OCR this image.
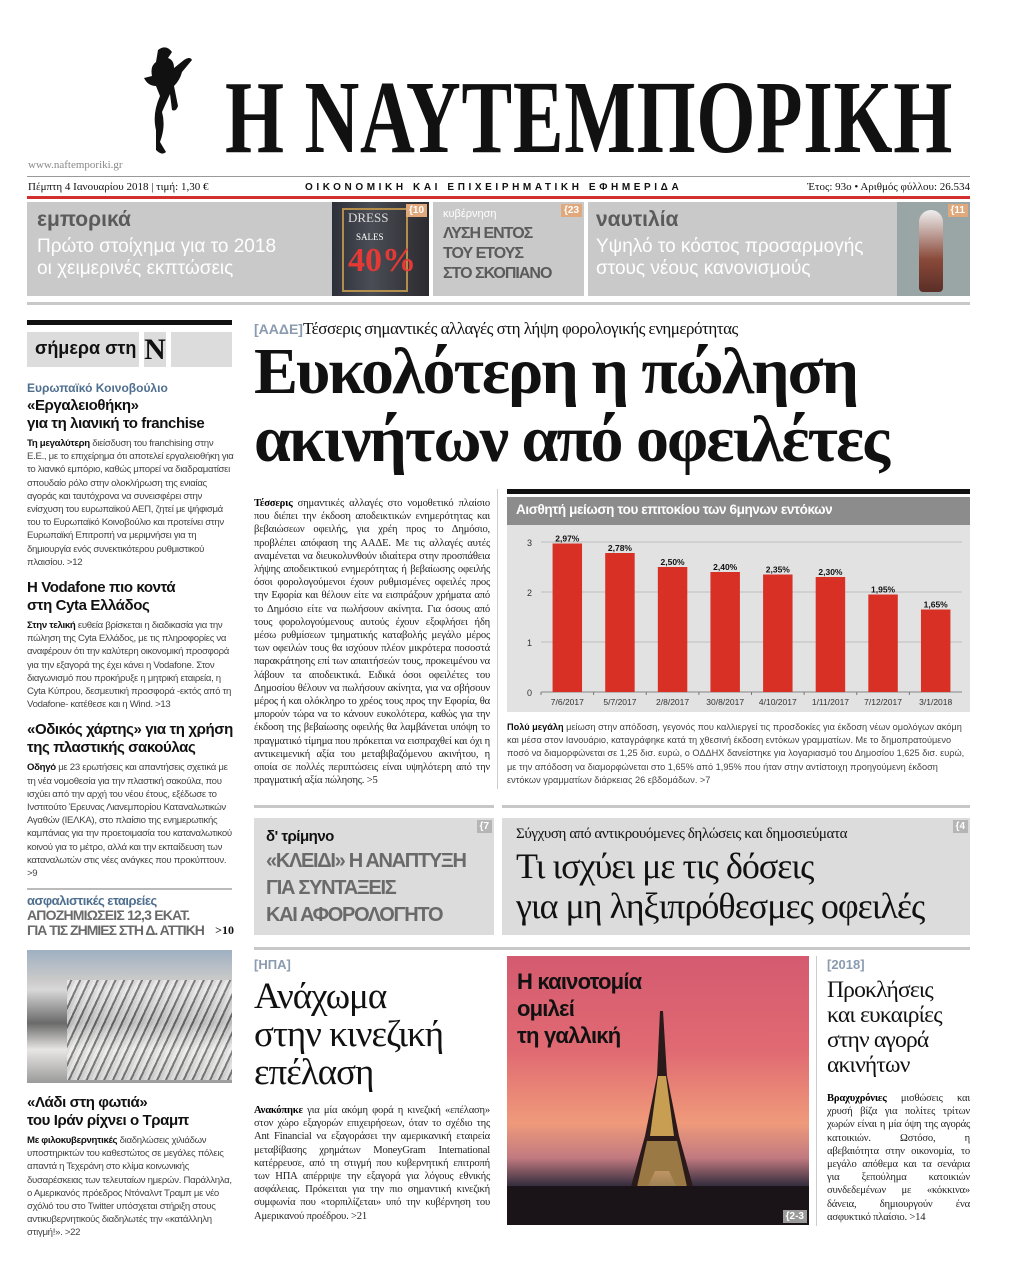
Η ΝΑΥΤΕΜΠΟΡΙΚΗ
www.naftemporiki.gr
Πέμπτη 4 Ιανουαρίου 2018 | τιμή: 1,30 €	ΟΙΚΟΝΟΜΙΚΗ ΚΑΙ ΕΠΙΧΕΙΡΗΜΑΤΙΚΗ ΕΦΗΜΕΡΙΔΑ	Έτος: 93ο • Αριθμός φύλλου: 26.534
εμπορικά
Πρώτο στοίχημα για το 2018
οι χειμερινές εκπτώσεις
DRESS
SALES
40%
{10 κυβέρνηση
ΛΥΣΗ ΕΝΤΟΣ
ΤΟΥ ΕΤΟΥΣ
ΣΤΟ ΣΚΟΠΙΑΝΟ
{23 ναυτιλία
Υψηλό το κόστος προσαρμογής
στους νέους κανονισμούς
{11
σήμερα στη N
Ευρωπαϊκό Κοινοβούλιο
«Εργαλειοθήκη»
για τη λιανική το franchise

Τη μεγαλύτερη διείσδυση του franchising στην Ε.Ε., με το επιχείρημα ότι αποτελεί εργαλειοθήκη για το λιανικό εμπόριο, καθώς μπορεί να διαδραματίσει σπουδαίο ρόλο στην ολοκλήρωση της ενιαίας αγοράς και ταυτόχρονα να συνεισφέρει στην ενίσχυση του ευρωπαϊκού ΑΕΠ, ζητεί με ψήφισμά του το Ευρωπαϊκό Κοινοβούλιο και προτείνει στην Ευρωπαϊκή Επιτροπή να μεριμνήσει για τη δημιουργία ενός συνεκτικότερου ρυθμιστικού πλαισίου. >12

Η Vodafone πιο κοντά
στη Cyta Ελλάδος

Στην τελική ευθεία βρίσκεται η διαδικασία για την πώληση της Cyta Ελλάδος, με τις πληροφορίες να αναφέρουν ότι την καλύτερη οικονομική προσφορά για την εξαγορά της έχει κάνει η Vodafone. Στον διαγωνισμό που προκήρυξε η μητρική εταιρεία, η Cyta Κύπρου, δεσμευτική προσφορά -εκτός από τη Vodafone- κατέθεσε και η Wind. >13

«Οδικός χάρτης» για τη χρήση
της πλαστικής σακούλας

Οδηγό με 23 ερωτήσεις και απαντήσεις σχετικά με τη νέα νομοθεσία για την πλαστική σακούλα, που ισχύει από την αρχή του νέου έτους, εξέδωσε το Ινστιτούτο Έρευνας Λιανεμπορίου Καταναλωτικών Αγαθών (ΙΕΛΚΑ), στο πλαίσιο της ενημερωτικής καμπάνιας για την προετοιμασία του καταναλωτικού κοινού για το μέτρο, αλλά και την εκπαίδευση των καταναλωτών στις νέες ανάγκες που προκύπτουν. >9

ασφαλιστικές εταιρείες
ΑΠΟΖΗΜΙΩΣΕΙΣ 12,3 ΕΚΑΤ.
ΓΙΑ ΤΙΣ ΖΗΜΙΕΣ ΣΤΗ Δ. ΑΤΤΙΚΗ >10
«Λάδι στη φωτιά»
του Ιράν ρίχνει ο Τραμπ

Με φιλοκυβερνητικές διαδηλώσεις χιλιάδων υποστηρικτών του καθεστώτος σε μεγάλες πόλεις απαντά η Τεχεράνη στο κλίμα κοινωνικής δυσαρέσκειας των τελευταίων ημερών. Παράλληλα, ο Αμερικανός πρόεδρος Ντόναλντ Τραμπ με νέο σχόλιό του στο Twitter υπόσχεται στήριξη στους αντικυβερνητικούς διαδηλωτές την «κατάλληλη στιγμή!». >22

[ΑΑΔΕ]Τέσσερις σημαντικές αλλαγές στη λήψη φορολογικής ενημερότητας
Ευκολότερη η πώληση
ακινήτων από οφειλέτες
Τέσσερις σημαντικές αλλαγές στο νομοθετικό πλαίσιο που διέπει την έκδοση αποδεικτικών ενημερότητας και βεβαιώσεων οφειλής, για χρέη προς το Δημόσιο, προβλέπει απόφαση της ΑΑΔΕ. Με τις αλλαγές αυτές αναμένεται να διευκολυνθούν ιδιαίτερα στην προσπάθεια λήψης αποδεικτικού ενημερότητας ή βεβαίωσης οφειλής όσοι φορολογούμενοι έχουν ρυθμισμένες οφειλές προς την Εφορία και θέλουν είτε να εισπράξουν χρήματα από το Δημόσιο είτε να πωλήσουν ακίνητα. Για όσους από τους φορολογούμενους αυτούς έχουν εξοφλήσει ήδη μέσω ρυθμίσεων τμηματικής καταβολής μεγάλο μέρος των οφειλών τους θα ισχύουν πλέον μικρότερα ποσοστά παρακράτησης επί των απαιτήσεών τους, προκειμένου να λάβουν τα αποδεικτικά. Ειδικά όσοι οφειλέτες του Δημοσίου θέλουν να πωλήσουν ακίνητα, για να σβήσουν μέρος ή και ολόκληρο το χρέος τους προς την Εφορία, θα μπορούν τώρα να το κάνουν ευκολότερα, καθώς για την έκδοση της βεβαίωσης οφειλής θα λαμβάνεται υπόψη το πραγματικό τίμημα που πρόκειται να εισπραχθεί και όχι η αντικειμενική αξία του μεταβιβαζόμενου ακινήτου, η οποία σε πολλές περιπτώσεις είναι υψηλότερη από την πραγματική αξία πώλησης. >5
Αισθητή μείωση του επιτοκίου των 6μηνων εντόκων
0
1
2
3	2,97%
7/6/2017
2,78%
5/7/2017
2,50%
2/8/2017
2,40%
30/8/2017
2,35%
4/10/2017
2,30%
1/11/2017
1,95%
7/12/2017
1,65%
3/1/2018
Πολύ μεγάλη μείωση στην απόδοση, γεγονός που καλλιεργεί τις προσδοκίες για έκδοση νέων ομολόγων ακόμη και μέσα στον Ιανουάριο, καταγράφηκε κατά τη χθεσινή έκδοση εντόκων γραμματίων. Με το δημοπρατούμενο ποσό να διαμορφώνεται σε 1,25 δισ. ευρώ, ο ΟΔΔΗΧ δανείστηκε για λογαριασμό του Δημοσίου 1,625 δισ. ευρώ, με την απόδοση να διαμορφώνεται στο 1,65% από 1,95% που ήταν στην αντίστοιχη προηγούμενη έκδοση εντόκων γραμματίων διάρκειας 26 εβδομάδων. >7
δ' τρίμηνο
«ΚΛΕΙΔΙ» Η ΑΝΑΠΤΥΞΗ
ΓΙΑ ΣΥΝΤΑΞΕΙΣ
ΚΑΙ ΑΦΟΡΟΛΟΓΗΤΟ
{7 Σύγχυση από αντικρουόμενες δηλώσεις και δημοσιεύματα
Τι ισχύει με τις δόσεις
για μη ληξιπρόθεσμες οφειλές
{4
[ΗΠΑ]
Ανάχωμα
στην κινεζική
επέλαση
Ανακόπηκε για μία ακόμη φορά η κινεζική «επέλαση» στον χώρο εξαγορών επιχειρήσεων, όταν το σχέδιο της Ant Financial να εξαγοράσει την αμερικανική εταιρεία μεταβίβασης χρημάτων MoneyGram International κατέρρευσε, από τη στιγμή που κυβερνητική επιτροπή των ΗΠΑ απέρριψε την εξαγορά για λόγους εθνικής ασφάλειας. Πρόκειται για την πιο σημαντική κινεζική συμφωνία που «τορπιλίζεται» υπό την κυβέρνηση του Αμερικανού προέδρου. >21
Η καινοτομία
ομιλεί
τη γαλλική
{2-3
[2018]
Προκλήσεις
και ευκαιρίες
στην αγορά
ακινήτων
Βραχυχρόνιες μισθώσεις και χρυσή βίζα για πολίτες τρίτων χωρών είναι η μία όψη της αγοράς κατοικιών. Ωστόσο, η αβεβαιότητα στην οικονομία, το μεγάλο απόθεμα και τα σενάρια για ξεπούλημα κατοικιών συνδεδεμένων με «κόκκινα» δάνεια, δημιουργούν ένα ασφυκτικό πλαίσιο. >14
